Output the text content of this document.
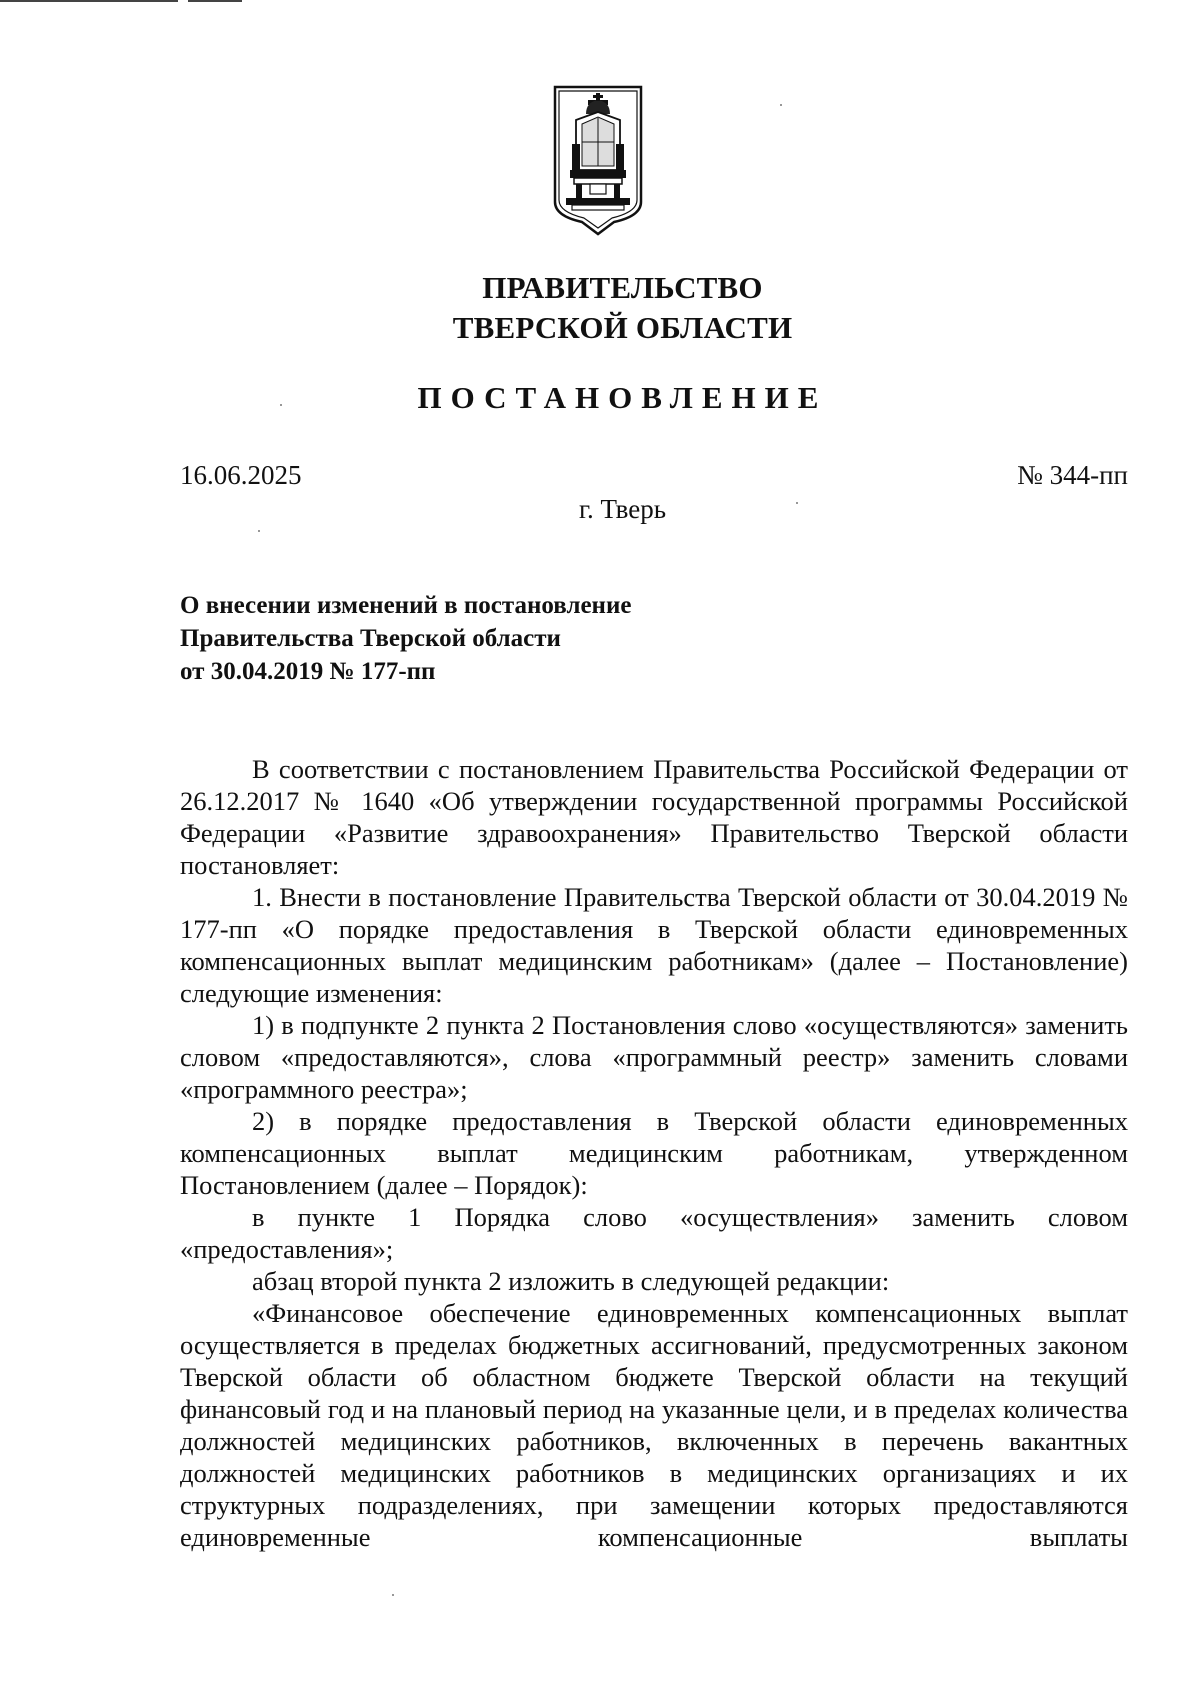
ПРАВИТЕЛЬСТВО
ТВЕРСКОЙ ОБЛАСТИ
ПОСТАНОВЛЕНИЕ
16.06.2025	№ 344-пп
г. Тверь
О внесении изменений в постановление
Правительства Тверской области
от 30.04.2019 № 177-пп

В соответствии с постановлением Правительства Российской Федерации от 26.12.2017 № 1640 «Об утверждении государственной программы Российской Федерации «Развитие здравоохранения» Правительство Тверской области постановляет:

1. Внести в постановление Правительства Тверской области от 30.04.2019 № 177-пп «О порядке предоставления в Тверской области единовременных компенсационных выплат медицинским работникам» (далее – Постановление) следующие изменения:

1) в подпункте 2 пункта 2 Постановления слово «осуществляются» заменить словом «предоставляются», слова «программный реестр» заменить словами «программного реестра»;

2) в порядке предоставления в Тверской области единовременных компенсационных выплат медицинским работникам, утвержденном Постановлением (далее – Порядок):

в пункте 1 Порядка слово «осуществления» заменить словом «предоставления»;

абзац второй пункта 2 изложить в следующей редакции:

«Финансовое обеспечение единовременных компенсационных выплат осуществляется в пределах бюджетных ассигнований, предусмотренных законом Тверской области об областном бюджете Тверской области на текущий финансовый год и на плановый период на указанные цели, и в пределах количества должностей медицинских работников, включенных в перечень вакантных должностей медицинских работников в медицинских организациях и их структурных подразделениях, при замещении которых предоставляются единовременные компенсационные выплаты
